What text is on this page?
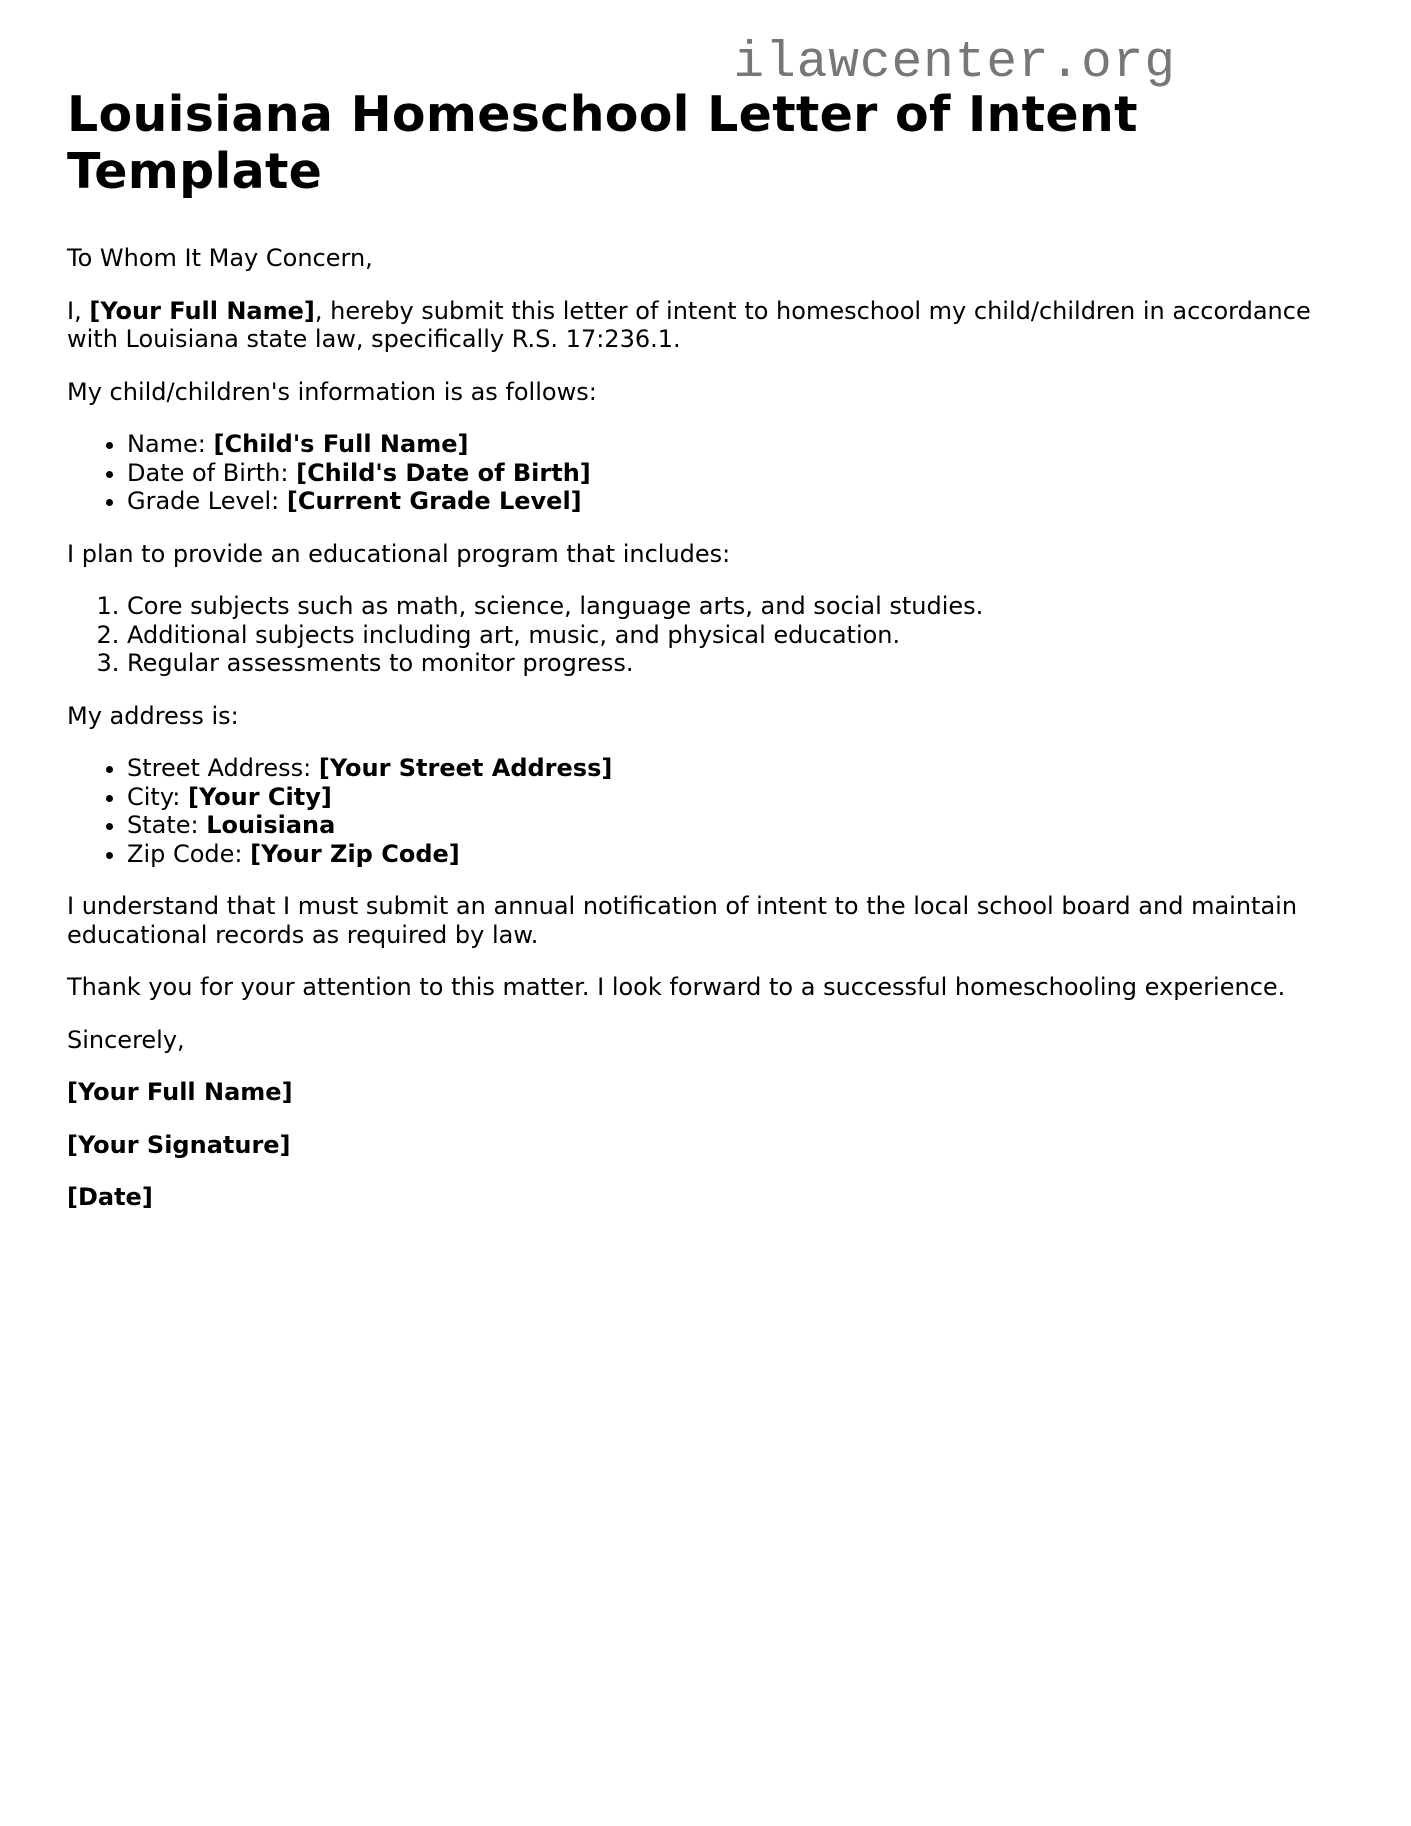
ilawcenter.org
Louisiana Homeschool Letter of Intent Template

To Whom It May Concern,

I, [Your Full Name], hereby submit this letter of intent to homeschool my child/children in accordance with Louisiana state law, specifically R.S. 17:236.1.

My child/children's information is as follows:

• Name: [Child's Full Name]
• Date of Birth: [Child's Date of Birth]
• Grade Level: [Current Grade Level]

I plan to provide an educational program that includes:

1. Core subjects such as math, science, language arts, and social studies.
2. Additional subjects including art, music, and physical education.
3. Regular assessments to monitor progress.

My address is:

• Street Address: [Your Street Address]
• City: [Your City]
• State: Louisiana
• Zip Code: [Your Zip Code]

I understand that I must submit an annual notification of intent to the local school board and maintain educational records as required by law.

Thank you for your attention to this matter. I look forward to a successful homeschooling experience.

Sincerely,

[Your Full Name]

[Your Signature]

[Date]
